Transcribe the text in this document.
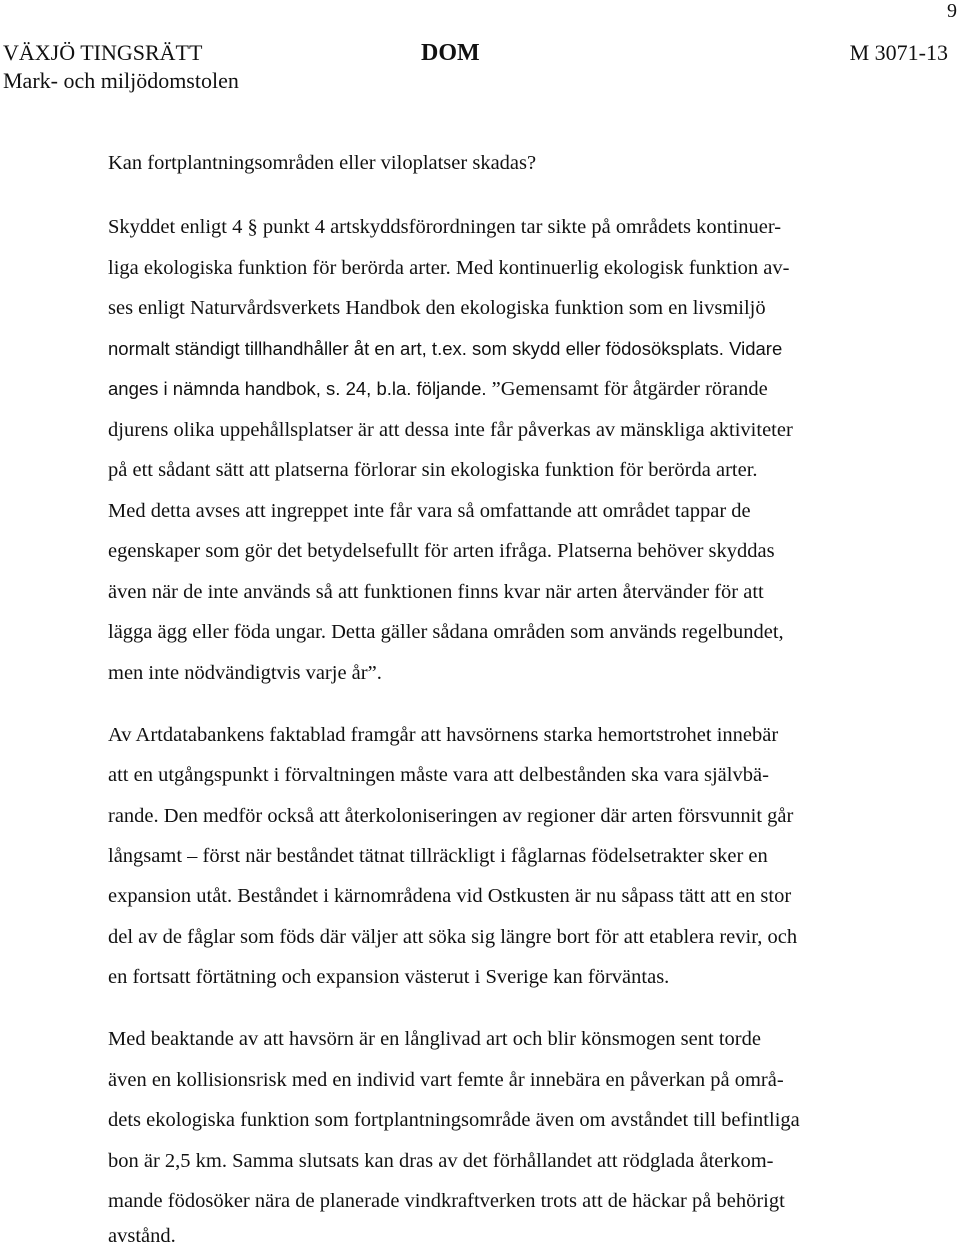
9
VÄXJÖ TINGSRÄTT
Mark- och miljödomstolen
DOM	M 3071-13
Kan fortplantningsområden eller viloplatser skadas?
Skyddet enligt 4 § punkt 4 artskyddsförordningen tar sikte på områdets kontinuer-
liga ekologiska funktion för berörda arter. Med kontinuerlig ekologisk funktion av-
ses enligt Naturvårdsverkets Handbok den ekologiska funktion som en livsmiljö
normalt ständigt tillhandhåller åt en art, t.ex. som skydd eller födosöksplats. Vidare
anges i nämnda handbok, s. 24, b.la. följande. ”Gemensamt för åtgärder rörande
djurens olika uppehållsplatser är att dessa inte får påverkas av mänskliga aktiviteter
på ett sådant sätt att platserna förlorar sin ekologiska funktion för berörda arter.
Med detta avses att ingreppet inte får vara så omfattande att området tappar de
egenskaper som gör det betydelsefullt för arten ifråga. Platserna behöver skyddas
även när de inte används så att funktionen finns kvar när arten återvänder för att
lägga ägg eller föda ungar. Detta gäller sådana områden som används regelbundet,
men inte nödvändigtvis varje år”.
Av Artdatabankens faktablad framgår att havsörnens starka hemortstrohet innebär
att en utgångspunkt i förvaltningen måste vara att delbestånden ska vara självbä-
rande. Den medför också att återkoloniseringen av regioner där arten försvunnit går
långsamt – först när beståndet tätnat tillräckligt i fåglarnas födelsetrakter sker en
expansion utåt. Beståndet i kärnområdena vid Ostkusten är nu såpass tätt att en stor
del av de fåglar som föds där väljer att söka sig längre bort för att etablera revir, och
en fortsatt förtätning och expansion västerut i Sverige kan förväntas.
Med beaktande av att havsörn är en långlivad art och blir könsmogen sent torde
även en kollisionsrisk med en individ vart femte år innebära en påverkan på områ-
dets ekologiska funktion som fortplantningsområde även om avståndet till befintliga
bon är 2,5 km. Samma slutsats kan dras av det förhållandet att rödglada återkom-
mande födosöker nära de planerade vindkraftverken trots att de häckar på behörigt
avstånd.
